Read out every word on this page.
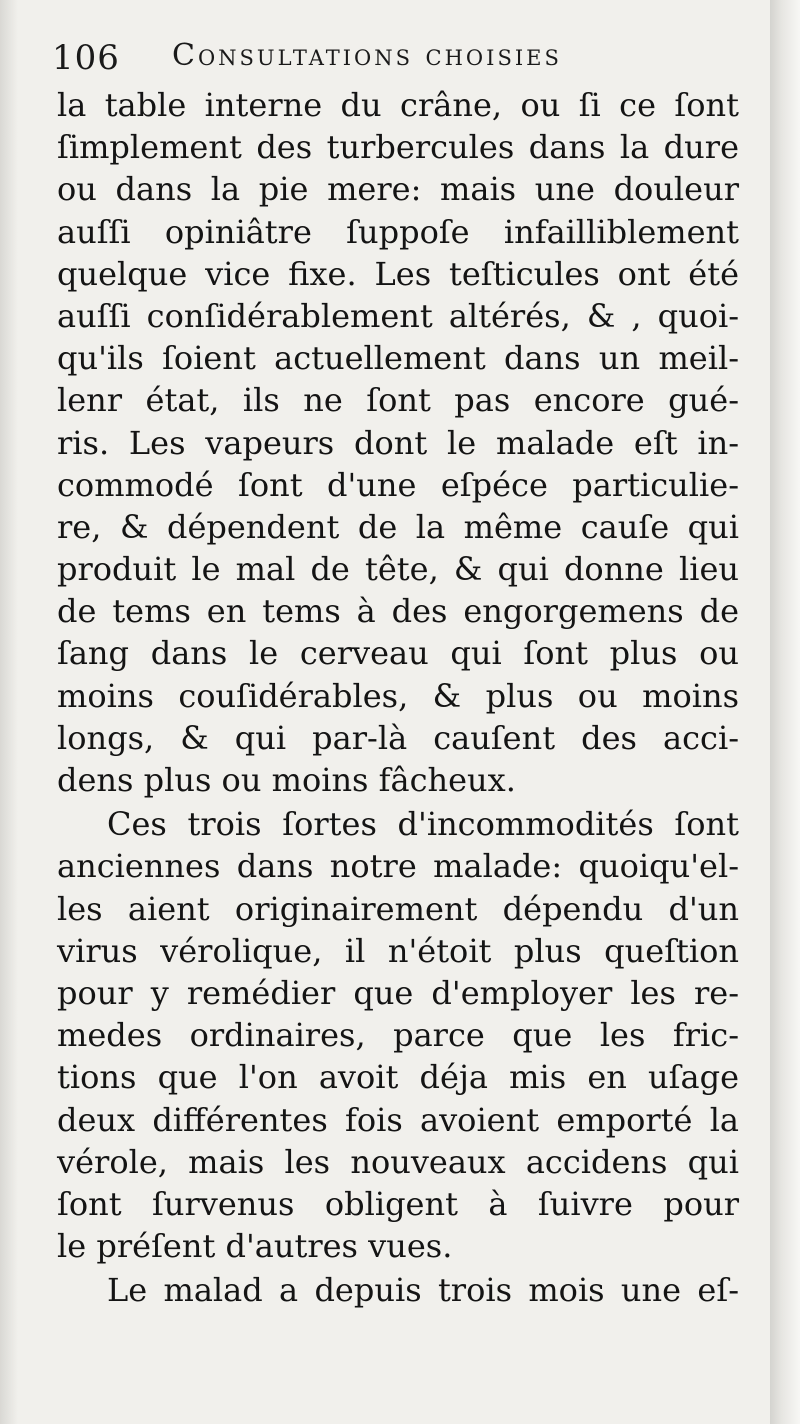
106 Consultations choisies
la table interne du crâne, ou ſi ce ſont
ſimplement des turbercules dans la dure
ou dans la pie mere: mais une douleur
auſſi opiniâtre ſuppoſe infailliblement
quelque vice fixe. Les teſticules ont été
auſſi conſidérablement altérés, & , quoi-
qu'ils ſoient actuellement dans un meil-
lenr état, ils ne ſont pas encore gué-
ris. Les vapeurs dont le malade eſt in-
commodé ſont d'une eſpéce particulie-
re, & dépendent de la même cauſe qui
produit le mal de tête, & qui donne lieu
de tems en tems à des engorgemens de
ſang dans le cerveau qui ſont plus ou
moins couſidérables, & plus ou moins
longs, & qui par-là cauſent des acci-
dens plus ou moins fâcheux.
Ces trois ſortes d'incommodités ſont
anciennes dans notre malade: quoiqu'el-
les aient originairement dépendu d'un
virus vérolique, il n'étoit plus queſtion
pour y remédier que d'employer les re-
medes ordinaires, parce que les fric-
tions que l'on avoit déja mis en uſage
deux différentes fois avoient emporté la
vérole, mais les nouveaux accidens qui
ſont ſurvenus obligent à ſuivre pour
le préſent d'autres vues.
Le malad a depuis trois mois une eſ-
